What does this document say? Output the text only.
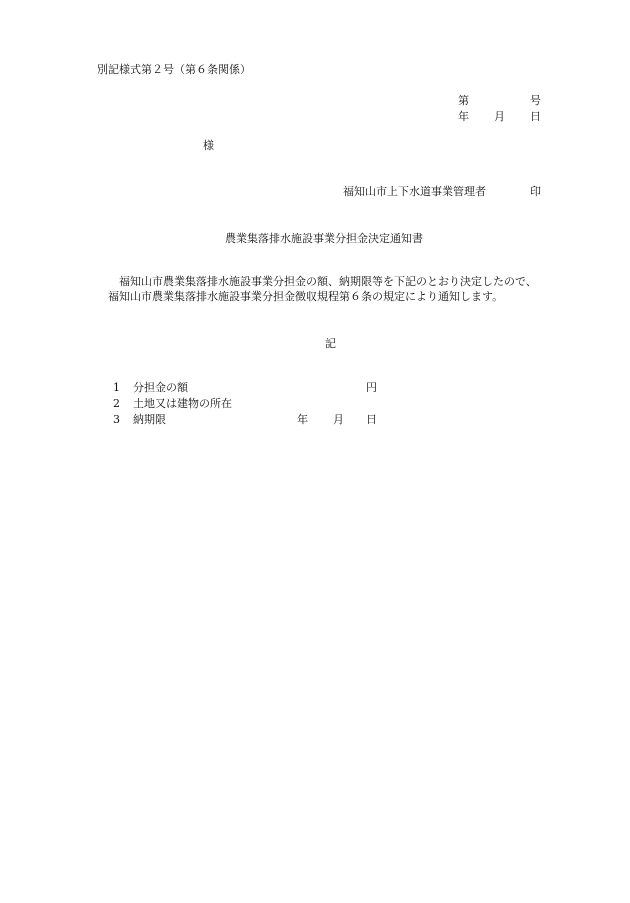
別記様式第２号（第６条関係）
第	号
年 月 日
様
福知山市上下水道事業管理者	印
農業集落排水施設事業分担金決定通知書
福知山市農業集落排水施設事業分担金の額、納期限等を下記のとおり決定したので、
福知山市農業集落排水施設事業分担金徴収規程第６条の規定により通知します。
記
1 分担金の額	円
2 土地又は建物の所在
3 納期限	年 月 日
